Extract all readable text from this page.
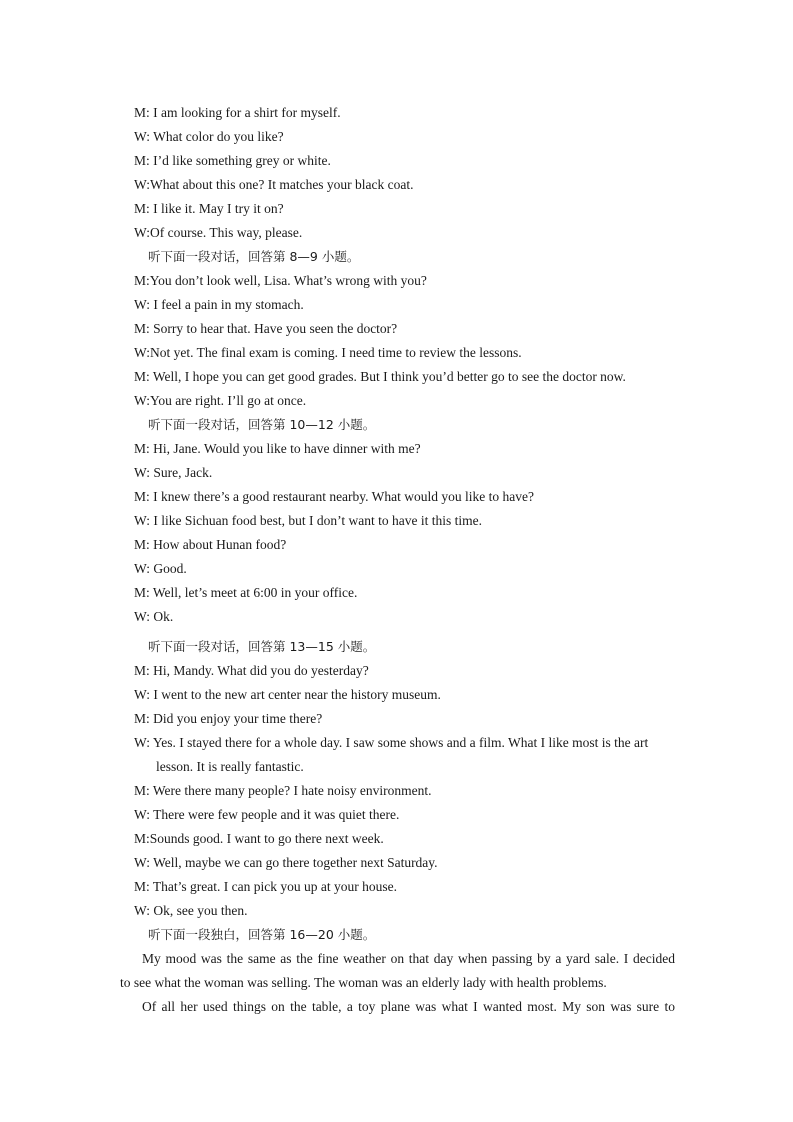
M: I am looking for a shirt for myself.
W: What color do you like?
M: I’d like something grey or white.
W:What about this one? It matches your black coat.
M: I like it. May I try it on?
W:Of course. This way, please.
听下面一段对话，回答第 8—9 小题。
M:You don’t look well, Lisa. What’s wrong with you?
W: I feel a pain in my stomach.
M: Sorry to hear that. Have you seen the doctor?
W:Not yet. The final exam is coming. I need time to review the lessons.
M: Well, I hope you can get good grades. But I think you’d better go to see the doctor now.
W:You are right. I’ll go at once.
听下面一段对话，回答第 10—12 小题。
M: Hi, Jane. Would you like to have dinner with me?
W: Sure, Jack.
M: I knew there’s a good restaurant nearby. What would you like to have?
W: I like Sichuan food best, but I don’t want to have it this time.
M: How about Hunan food?
W: Good.
M: Well, let’s meet at 6:00 in your office.
W: Ok.
听下面一段对话，回答第 13—15 小题。
M: Hi, Mandy. What did you do yesterday?
W: I went to the new art center near the history museum.
M: Did you enjoy your time there?
W: Yes. I stayed there for a whole day. I saw some shows and a film. What I like most is the art
lesson. It is really fantastic.
M: Were there many people? I hate noisy environment.
W: There were few people and it was quiet there.
M:Sounds good. I want to go there next week.
W: Well, maybe we can go there together next Saturday.
M: That’s great. I can pick you up at your house.
W: Ok, see you then.
听下面一段独白，回答第 16—20 小题。
My mood was the same as the fine weather on that day when passing by a yard sale. I decided
to see what the woman was selling. The woman was an elderly lady with health problems.
Of all her used things on the table, a toy plane was what I wanted most. My son was sure to
